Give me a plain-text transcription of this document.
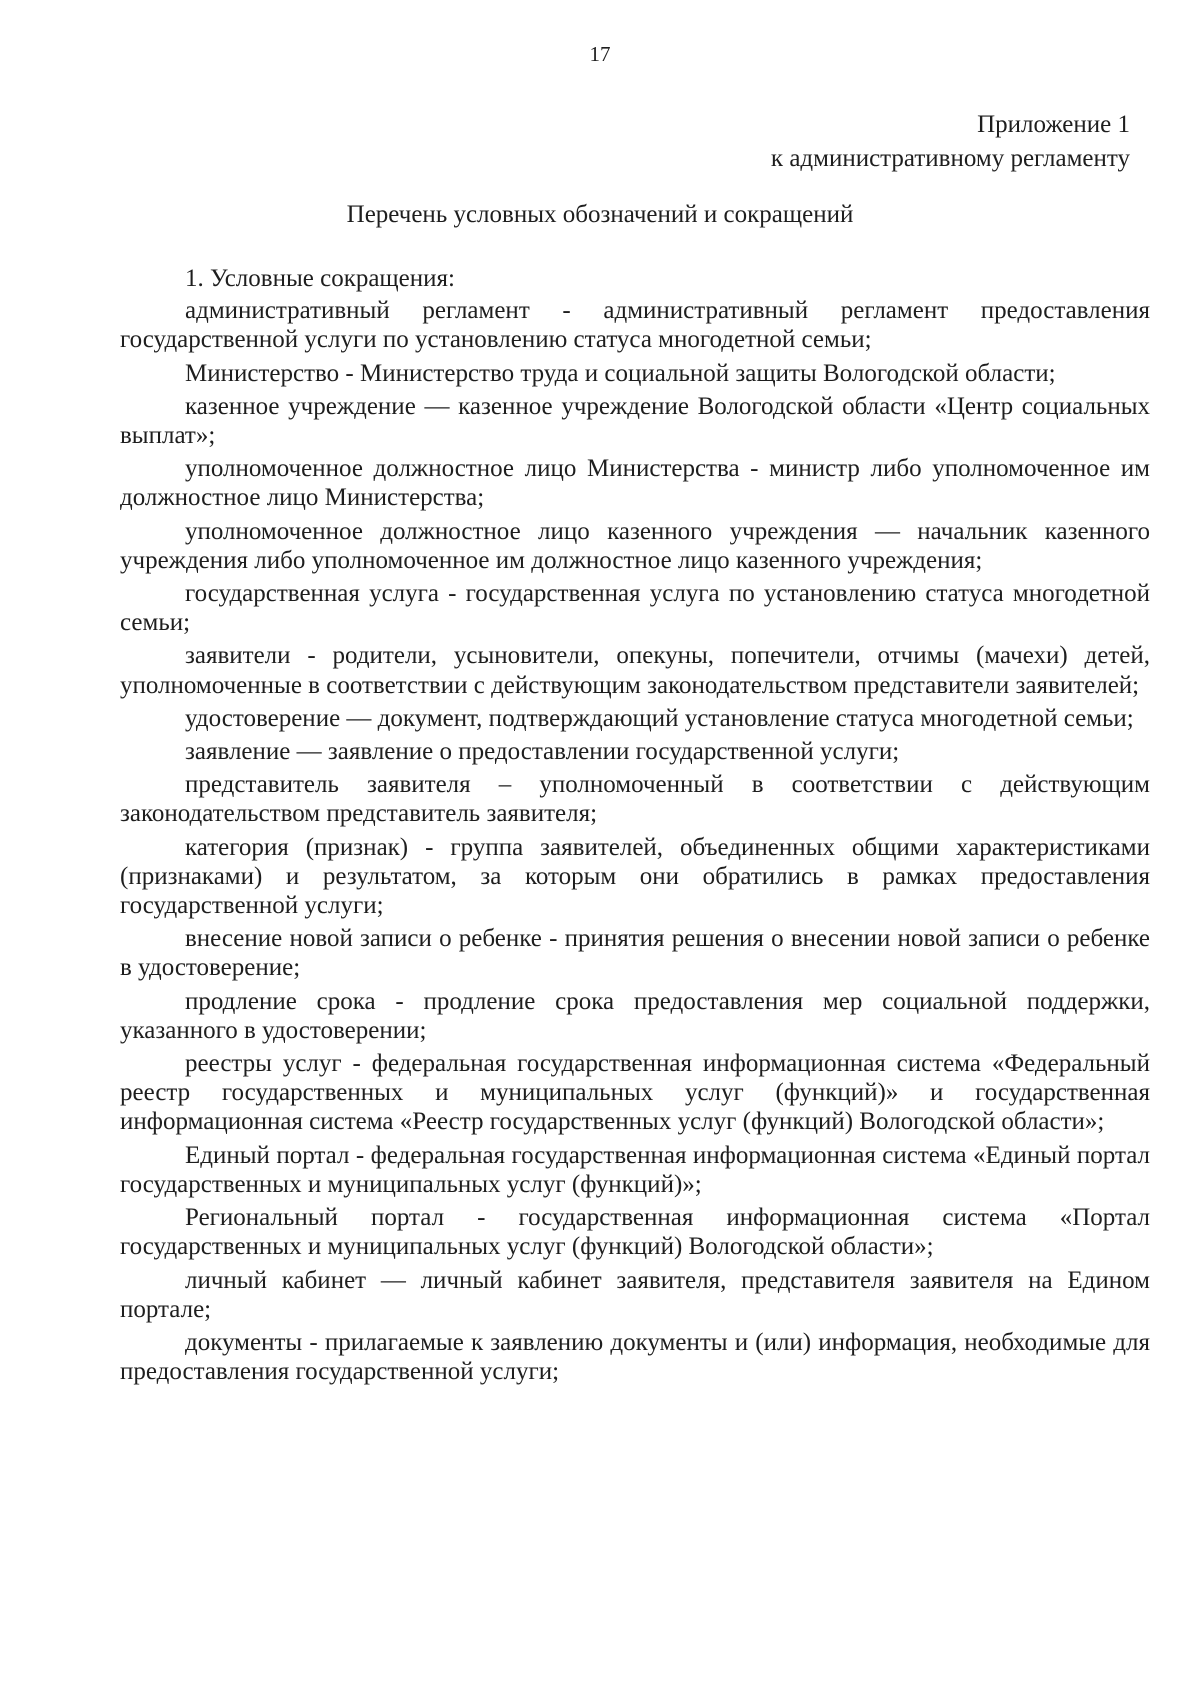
17
Приложение 1
к административному регламенту
Перечень условных обозначений и сокращений
1. Условные сокращения:
административный регламент - административный регламент предоставления государственной услуги по установлению статуса многодетной семьи;
Министерство - Министерство труда и социальной защиты Вологодской области;
казенное учреждение — казенное учреждение Вологодской области «Центр социальных выплат»;
уполномоченное должностное лицо Министерства - министр либо уполномоченное им должностное лицо Министерства;
уполномоченное должностное лицо казенного учреждения — начальник казенного учреждения либо уполномоченное им должностное лицо казенного учреждения;
государственная услуга - государственная услуга по установлению статуса многодетной семьи;
заявители - родители, усыновители, опекуны, попечители, отчимы (мачехи) детей, уполномоченные в соответствии с действующим законодательством представители заявителей;
удостоверение — документ, подтверждающий установление статуса многодетной семьи;
заявление — заявление о предоставлении государственной услуги;
представитель заявителя – уполномоченный в соответствии с действующим законодательством представитель заявителя;
категория (признак) - группа заявителей, объединенных общими характеристиками (признаками) и результатом, за которым они обратились в рамках предоставления государственной услуги;
внесение новой записи о ребенке - принятия решения о внесении новой записи о ребенке в удостоверение;
продление срока - продление срока предоставления мер социальной поддержки, указанного в удостоверении;
реестры услуг - федеральная государственная информационная система «Федеральный реестр государственных и муниципальных услуг (функций)» и государственная информационная система «Реестр государственных услуг (функций) Вологодской области»;
Единый портал - федеральная государственная информационная система «Единый портал государственных и муниципальных услуг (функций)»;
Региональный портал - государственная информационная система «Портал государственных и муниципальных услуг (функций) Вологодской области»;
личный кабинет — личный кабинет заявителя, представителя заявителя на Едином портале;
документы - прилагаемые к заявлению документы и (или) информация, необходимые для предоставления государственной услуги;
